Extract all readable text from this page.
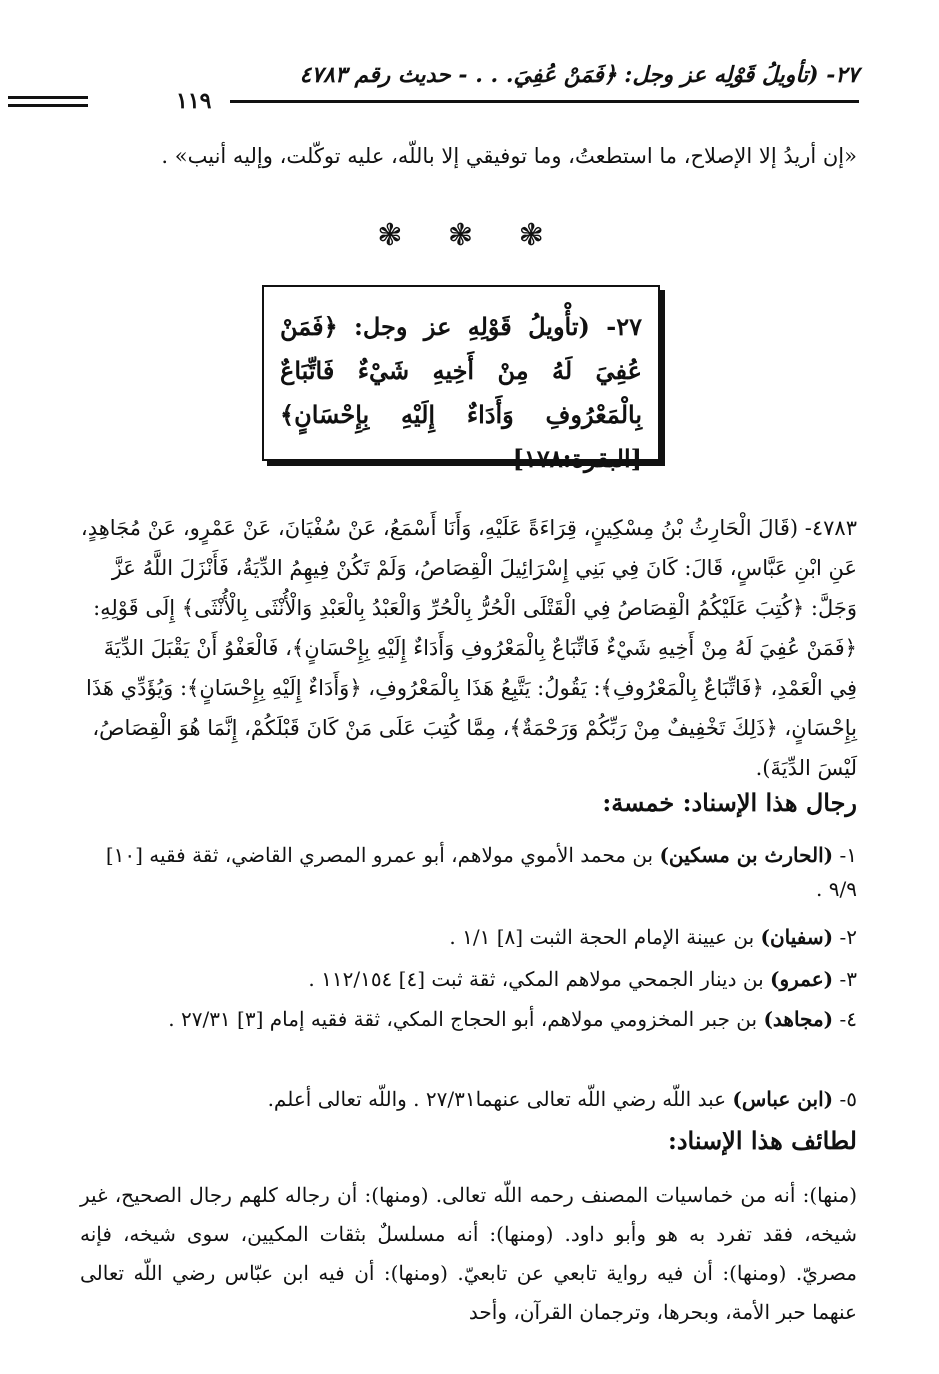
٢٧- (تأويلُ قَوْلِه عز وجل: ﴿فَمَنْ عُفِيَ. . . - حديث رقم ٤٧٨٣
١١٩
«إن أريدُ إلا الإصلاح، ما استطعتُ، وما توفيقي إلا باللّه، عليه توكّلت، وإليه أنيب» .
❃ ❃ ❃
٢٧- (تأْويلُ قَوْلِهِ عز وجل: ﴿فَمَنْ عُفِيَ لَهُ مِنْ أَخِيهِ شَيْءٌ فَاتِّبَاعٌ بِالْمَعْرُوفِ وَأَدَاءٌ إِلَيْهِ بِإِحْسَانٍ﴾ [البقرة:١٧٨]
٤٧٨٣- (قَالَ الْحَارِثُ بْنُ مِسْكِينٍ، قِرَاءَةً عَلَيْهِ، وَأَنَا أَسْمَعُ، عَنْ سُفْيَانَ، عَنْ عَمْرٍو، عَنْ مُجَاهِدٍ، عَنِ ابْنِ عَبَّاسٍ، قَالَ: كَانَ فِي بَنِي إِسْرَائِيلَ الْقِصَاصُ، وَلَمْ تَكُنْ فِيهِمُ الدِّيَةُ، فَأَنْزَلَ اللَّهُ عَزَّ وَجَلَّ: ﴿كُتِبَ عَلَيْكُمُ الْقِصَاصُ فِي الْقَتْلَى الْحُرُّ بِالْحُرِّ وَالْعَبْدُ بِالْعَبْدِ وَالْأُنْثَى بِالْأُنْثَى﴾ إِلَى قَوْلِهِ: ﴿فَمَنْ عُفِيَ لَهُ مِنْ أَخِيهِ شَيْءٌ فَاتِّبَاعٌ بِالْمَعْرُوفِ وَأَدَاءٌ إِلَيْهِ بِإِحْسَانٍ﴾، فَالْعَفْوُ أَنْ يَقْبَلَ الدِّيَةَ فِي الْعَمْدِ، ﴿فَاتِّبَاعٌ بِالْمَعْرُوفِ﴾: يَقُولُ: يَتَّبِعُ هَذَا بِالْمَعْرُوفِ، ﴿وَأَدَاءٌ إِلَيْهِ بِإِحْسَانٍ﴾: وَيُؤَدِّي هَذَا بِإِحْسَانٍ، ﴿ذَلِكَ تَخْفِيفٌ مِنْ رَبِّكُمْ وَرَحْمَةٌ﴾، مِمَّا كُتِبَ عَلَى مَنْ كَانَ قَبْلَكُمْ، إِنَّمَا هُوَ الْقِصَاصُ، لَيْسَ الدِّيَةَ).
رجال هذا الإسناد: خمسة:
١- (الحارث بن مسكين) بن محمد الأموي مولاهم، أبو عمرو المصري القاضي، ثقة فقيه [١٠] ٩/٩ .
٢- (سفيان) بن عيينة الإمام الحجة الثبت [٨] ١/١ .
٣- (عمرو) بن دينار الجمحي مولاهم المكي، ثقة ثبت [٤] ١١٢/١٥٤ .
٤- (مجاهد) بن جبر المخزومي مولاهم، أبو الحجاج المكي، ثقة فقيه إمام [٣] ٢٧/٣١ .
٥- (ابن عباس) عبد اللّه رضي اللّه تعالى عنهما٢٧/٣١ . واللّه تعالى أعلم.
لطائف هذا الإسناد:
(منها): أنه من خماسيات المصنف رحمه اللّه تعالى. (ومنها): أن رجاله كلهم رجال الصحيح، غير شيخه، فقد تفرد به هو وأبو داود. (ومنها): أنه مسلسلٌ بثقات المكيين، سوى شيخه، فإنه مصريّ. (ومنها): أن فيه رواية تابعي عن تابعيّ. (ومنها): أن فيه ابن عبّاس رضي اللّه تعالى عنهما حبر الأمة، وبحرها، وترجمان القرآن، وأحد
